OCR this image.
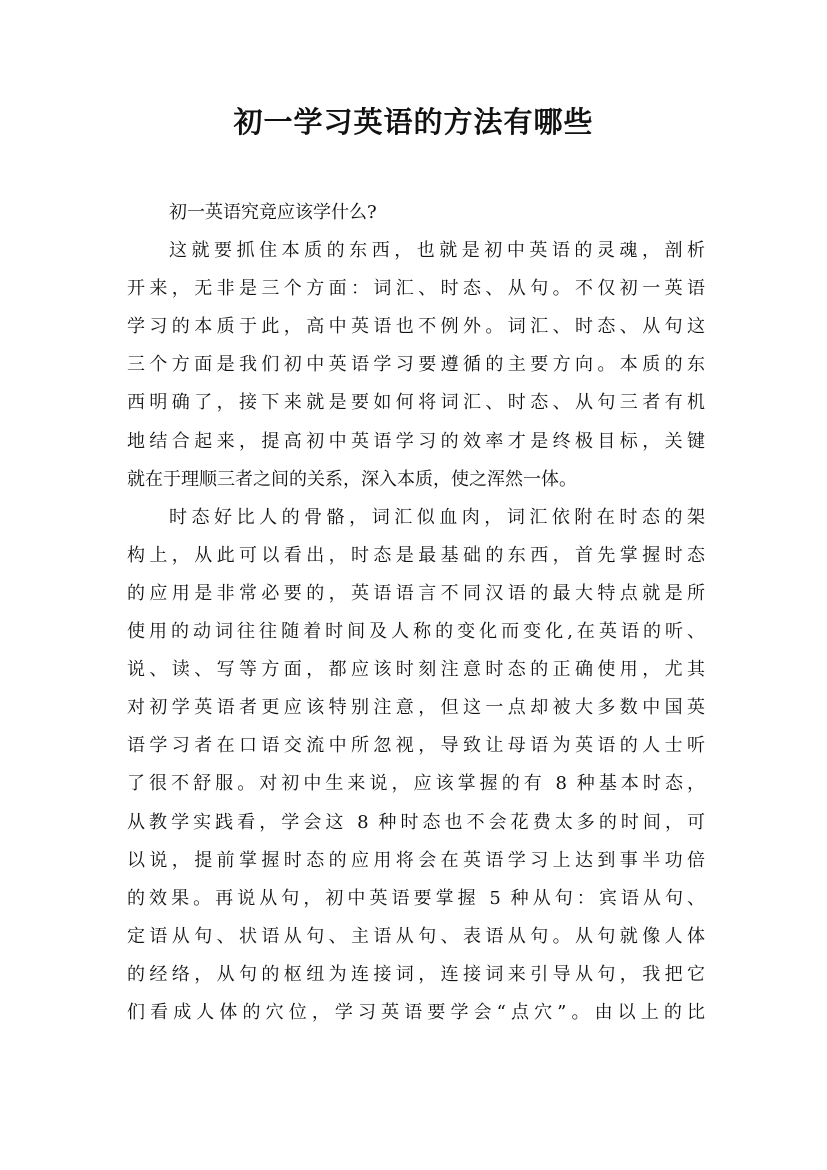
初一学习英语的方法有哪些
初一英语究竟应该学什么?
这就要抓住本质的东西，也就是初中英语的灵魂，剖析
开来，无非是三个方面：词汇、时态、从句。不仅初一英语
学习的本质于此，高中英语也不例外。词汇、时态、从句这
三个方面是我们初中英语学习要遵循的主要方向。本质的东
西明确了，接下来就是要如何将词汇、时态、从句三者有机
地结合起来，提高初中英语学习的效率才是终极目标，关键
就在于理顺三者之间的关系，深入本质，使之浑然一体。
时态好比人的骨骼，词汇似血肉，词汇依附在时态的架
构上，从此可以看出，时态是最基础的东西，首先掌握时态
的应用是非常必要的，英语语言不同汉语的最大特点就是所
使用的动词往往随着时间及人称的变化而变化,在英语的听、
说、读、写等方面，都应该时刻注意时态的正确使用，尤其
对初学英语者更应该特别注意，但这一点却被大多数中国英
语学习者在口语交流中所忽视，导致让母语为英语的人士听
了很不舒服。对初中生来说，应该掌握的有 8 种基本时态，
从教学实践看，学会这 8 种时态也不会花费太多的时间，可
以说，提前掌握时态的应用将会在英语学习上达到事半功倍
的效果。再说从句，初中英语要掌握 5 种从句：宾语从句、
定语从句、状语从句、主语从句、表语从句。从句就像人体
的经络，从句的枢纽为连接词，连接词来引导从句，我把它
们看成人体的穴位，学习英语要学会“点穴”。由以上的比
